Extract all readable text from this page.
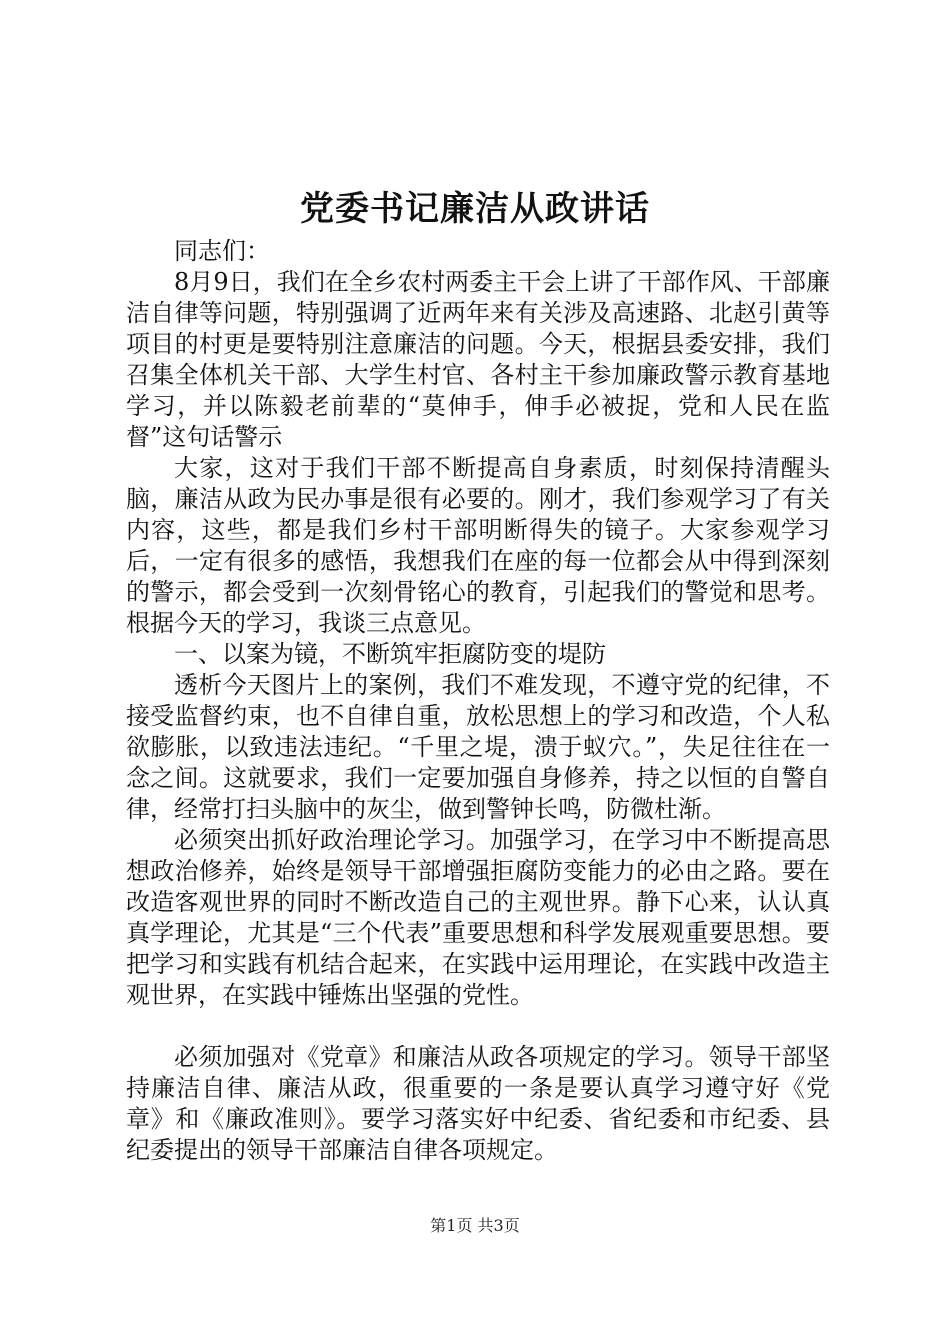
党委书记廉洁从政讲话

同志们：

8月9日，我们在全乡农村两委主干会上讲了干部作风、干部廉洁自律等问题，特别强调了近两年来有关涉及高速路、北赵引黄等项目的村更是要特别注意廉洁的问题。今天，根据县委安排，我们召集全体机关干部、大学生村官、各村主干参加廉政警示教育基地学习，并以陈毅老前辈的“莫伸手，伸手必被捉，党和人民在监督”这句话警示

大家，这对于我们干部不断提高自身素质，时刻保持清醒头脑，廉洁从政为民办事是很有必要的。刚才，我们参观学习了有关内容，这些，都是我们乡村干部明断得失的镜子。大家参观学习后，一定有很多的感悟，我想我们在座的每一位都会从中得到深刻的警示，都会受到一次刻骨铭心的教育，引起我们的警觉和思考。根据今天的学习，我谈三点意见。

一、以案为镜，不断筑牢拒腐防变的堤防

透析今天图片上的案例，我们不难发现，不遵守党的纪律，不接受监督约束，也不自律自重，放松思想上的学习和改造，个人私欲膨胀，以致违法违纪。“千里之堤，溃于蚁穴。”，失足往往在一念之间。这就要求，我们一定要加强自身修养，持之以恒的自警自律，经常打扫头脑中的灰尘，做到警钟长鸣，防微杜渐。

必须突出抓好政治理论学习。加强学习，在学习中不断提高思想政治修养，始终是领导干部增强拒腐防变能力的必由之路。要在改造客观世界的同时不断改造自己的主观世界。静下心来，认认真真学理论，尤其是“三个代表”重要思想和科学发展观重要思想。要把学习和实践有机结合起来，在实践中运用理论，在实践中改造主观世界，在实践中锤炼出坚强的党性。

必须加强对《党章》和廉洁从政各项规定的学习。领导干部坚持廉洁自律、廉洁从政，很重要的一条是要认真学习遵守好《党章》和《廉政准则》。要学习落实好中纪委、省纪委和市纪委、县纪委提出的领导干部廉洁自律各项规定。

第1页 共3页
